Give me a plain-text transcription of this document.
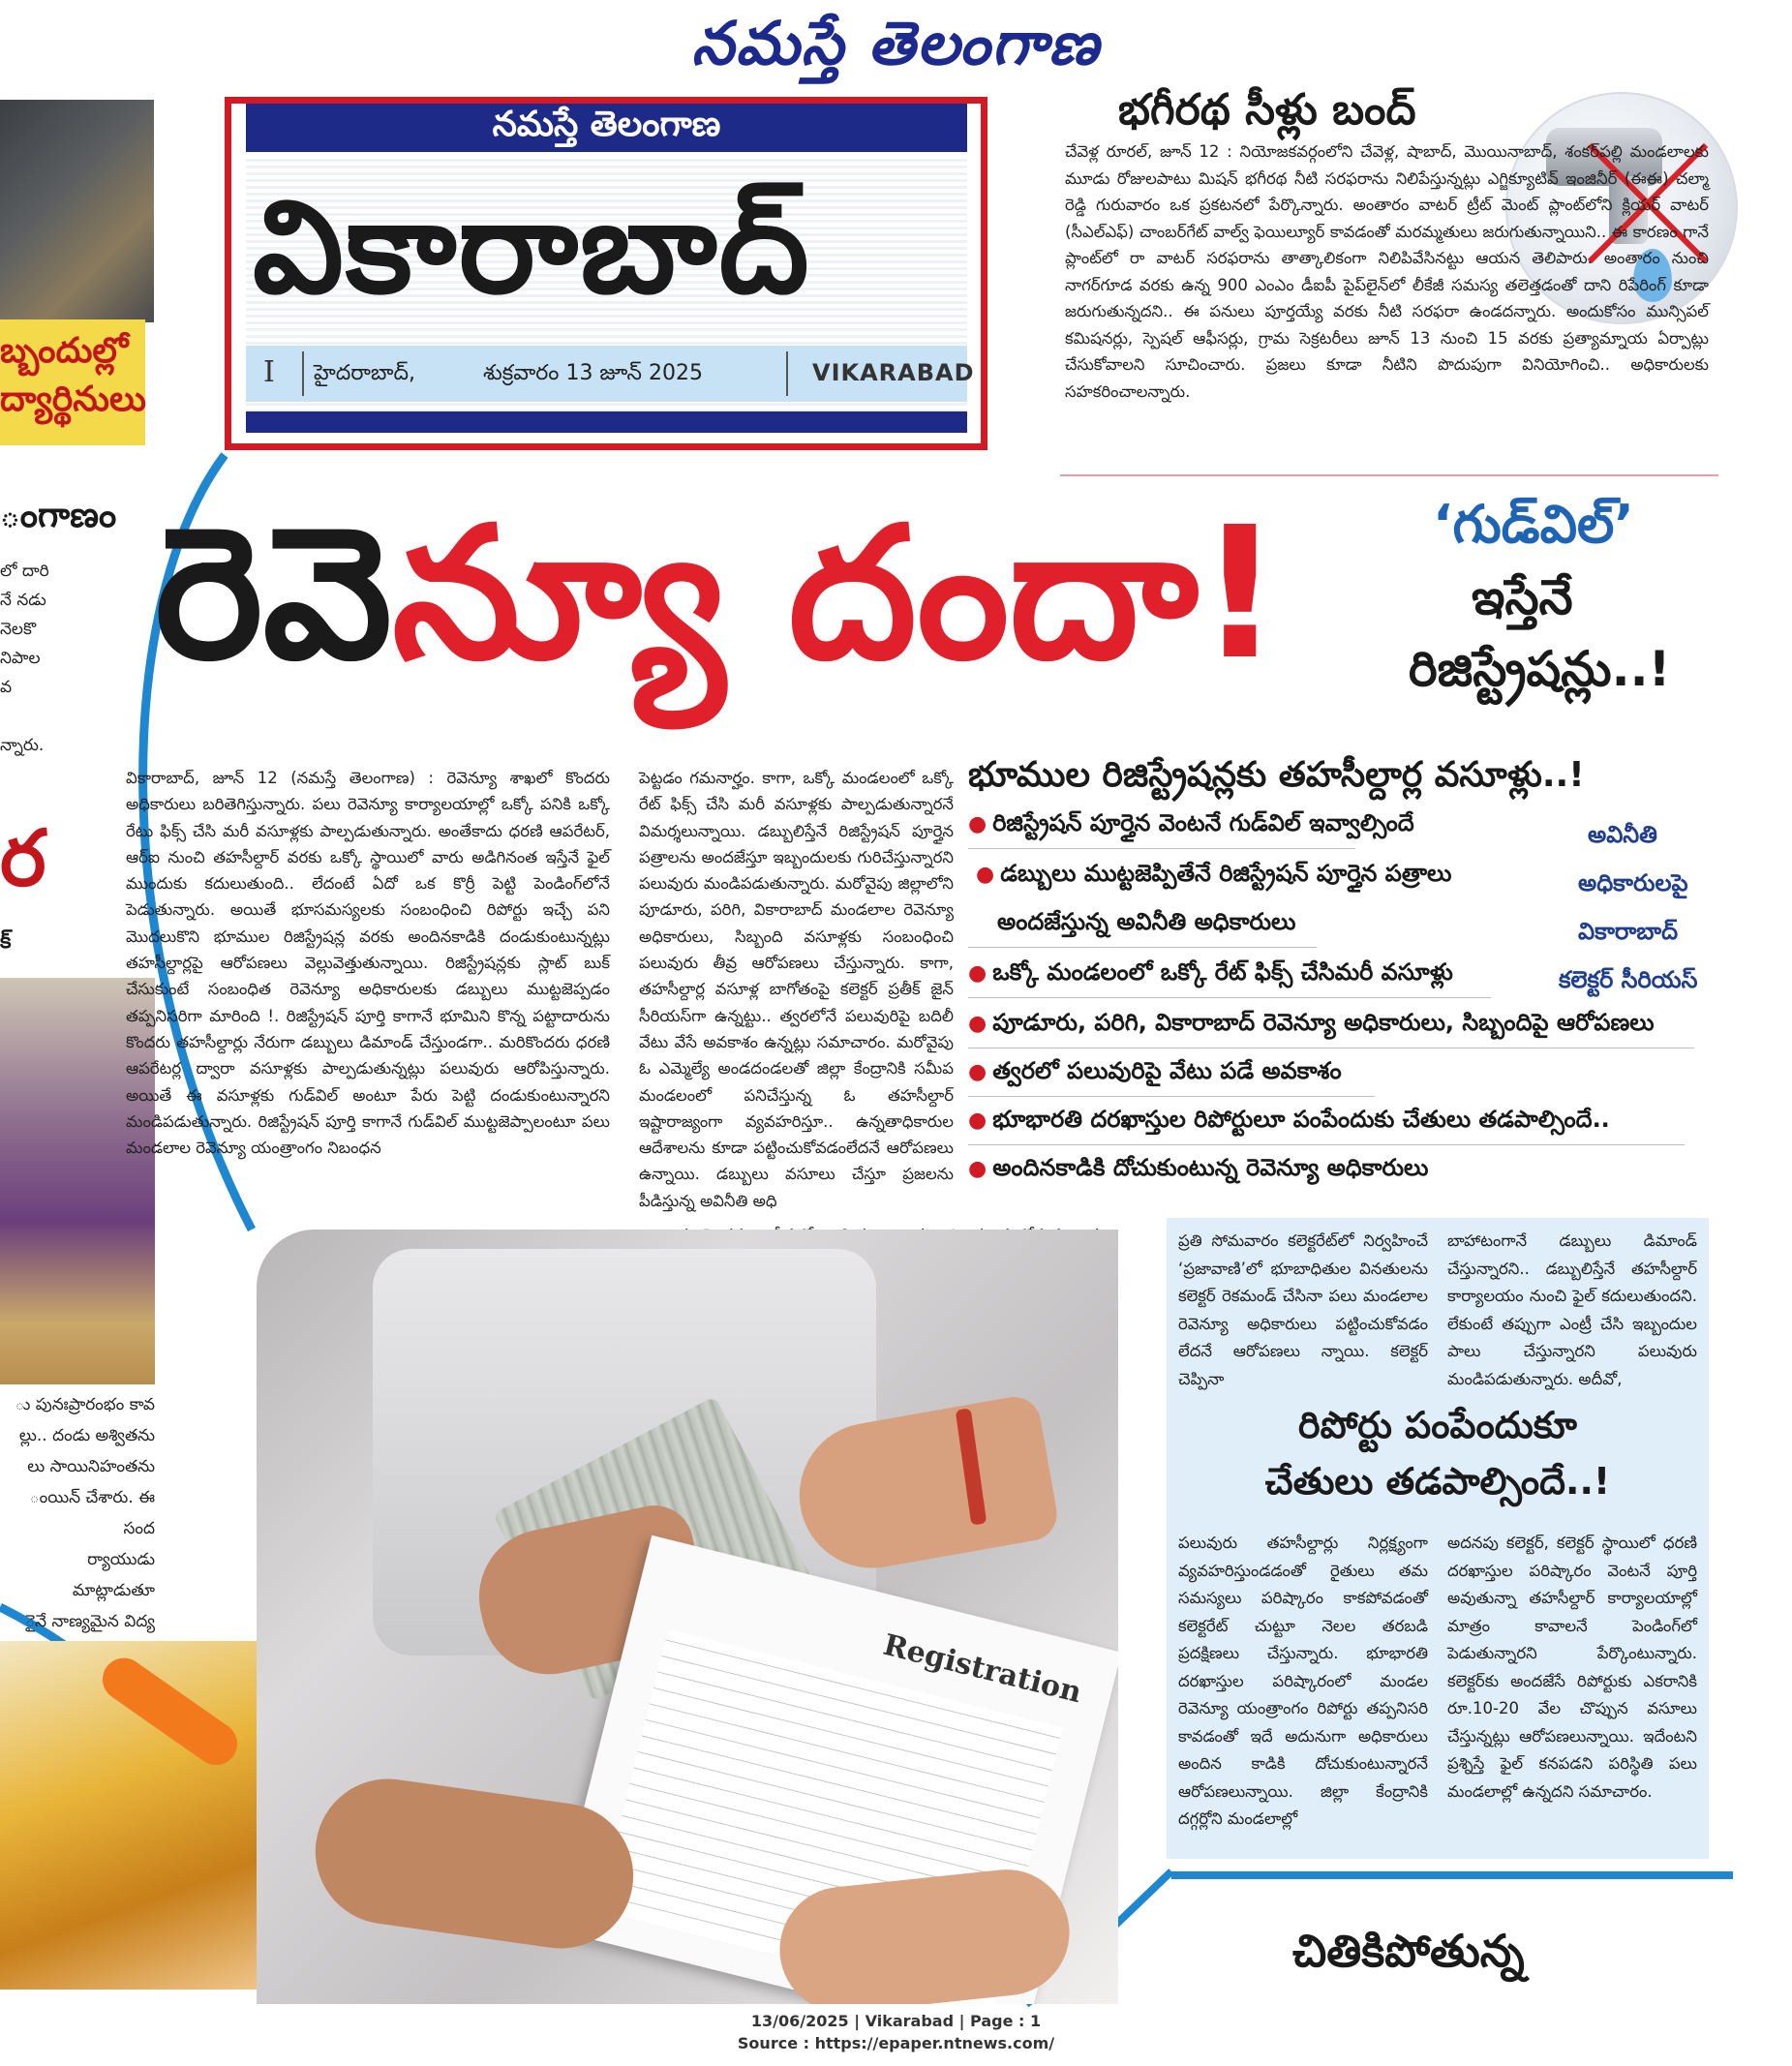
నమస్తే తెలంగాణ
బ్బందుల్లో
ద్యార్థినులు
ంగాణం
లో దారి
నే నడు
నెలకొ
నిపాల
వ

న్నారు.
ర
క్
ు పునఃప్రారంభం కావ
ల్లు.. దండు అశ్వితను
లు సాయినిహంతను
ంయిన్ చేశారు. ఈ సంద
ర్యాయుడు మాట్లాడుతూ
ైనే నాణ్యమైన విద్య
నమస్తే తెలంగాణ
వికారాబాద్
I హైదరాబాద్,	శుక్రవారం 13 జూన్ 2025	VIKARABAD
భగీరథ సీళ్లు బంద్
చేవెళ్ల రూరల్, జూన్ 12 : నియోజకవర్గంలోని చేవెళ్ల, షాబాద్, మొయినాబాద్, శంకర్‌పల్లి మండలాలకు మూడు రోజులపాటు మిషన్ భగీరథ నీటి సరఫరాను నిలిపేస్తున్నట్లు ఎగ్జిక్యూటివ్ ఇంజినీర్ (ఈఈ) చల్మా రెడ్డి గురువారం ఒక ప్రకటనలో పేర్కొన్నారు. అంతారం వాటర్ ట్రీట్ మెంట్ ప్లాంట్‌లోని క్లియర్ వాటర్ (సీఎల్‌ఎఫ్) చాంబర్‌గేట్ వాల్వ్ ఫెయిల్యూర్ కావడంతో మరమ్మతులు జరుగుతున్నాయిని.. ఈ కారణం గానే ప్లాంట్‌లో రా వాటర్ సరఫరాను తాత్కాలికంగా నిలిపివేసినట్టు ఆయన తెలిపారు. అంతారం నుంచి నాగర్‌గూడ వరకు ఉన్న 900 ఎంఎం డీఐపీ పైప్‌లైన్‌లో లీకేజీ సమస్య తలెత్తడంతో దాని రిపేరింగ్ కూడా జరుగుతున్నదని.. ఈ పనులు పూర్తయ్యే వరకు నీటి సరఫరా ఉండదన్నారు. అందుకోసం మున్సిపల్ కమిషనర్లు, స్పెషల్ ఆఫీసర్లు, గ్రామ సెక్రటరీలు జూన్ 13 నుంచి 15 వరకు ప్రత్యామ్నాయ ఏర్పాట్లు చేసుకోవాలని సూచించారు. ప్రజలు కూడా నీటిని పొదుపుగా వినియోగించి.. అధికారులకు సహకరించాలన్నారు.
రెవెన్యూ దందా!	‘గుడ్‌విల్’
ఇస్తేనే
రిజిస్ట్రేషన్లు..!
వికారాబాద్, జూన్ 12 (నమస్తే తెలంగాణ) : రెవెన్యూ శాఖలో కొందరు అధికారులు బరితెగిస్తున్నారు. పలు రెవెన్యూ కార్యాలయాల్లో ఒక్కో పనికి ఒక్కో రేటు ఫిక్స్ చేసి మరీ వసూళ్లకు పాల్పడుతున్నారు. అంతేకాదు ధరణి ఆపరేటర్, ఆర్‌ఐ నుంచి తహసీల్దార్ వరకు ఒక్కో స్థాయిలో వారు అడిగినంత ఇస్తేనే ఫైల్ ముందుకు కదులుతుంది.. లేదంటే ఏదో ఒక కొర్రీ పెట్టి పెండింగ్‌లోనే పెడుతున్నారు. అయితే భూసమస్యలకు సంబంధించి రిపోర్టు ఇచ్చే పని మొదలుకొని భూముల రిజిస్ట్రేషన్ల వరకు అందినకాడికి దండుకుంటున్నట్లు తహసీల్దార్లపై ఆరోపణలు వెల్లువెత్తుతున్నాయి. రిజిస్ట్రేషన్లకు స్లాట్ బుక్ చేసుకుంటే సంబంధిత రెవెన్యూ అధికారులకు డబ్బులు ముట్టజెప్పడం తప్పనిసరిగా మారింది !. రిజిస్ట్రేషన్ పూర్తి కాగానే భూమిని కొన్న పట్టాదారును కొందరు తహసీల్దార్లు నేరుగా డబ్బులు డిమాండ్ చేస్తుండగా.. మరికొందరు ధరణి ఆపరేటర్ల ద్వారా వసూళ్లకు పాల్పడుతున్నట్లు పలువురు ఆరోపిస్తున్నారు. అయితే ఈ వసూళ్లకు గుడ్‌విల్ అంటూ పేరు పెట్టి దండుకుంటున్నారని మండిపడుతున్నారు. రిజిస్ట్రేషన్ పూర్తి కాగానే గుడ్‌విల్ ముట్టజెప్పాలంటూ పలు మండలాల రెవెన్యూ యంత్రాంగం నిబంధన
పెట్టడం గమనార్హం. కాగా, ఒక్కో మండలంలో ఒక్కో రేట్ ఫిక్స్ చేసి మరీ వసూళ్లకు పాల్పడుతున్నారనే విమర్శలున్నాయి. డబ్బులిస్తేనే రిజిస్ట్రేషన్ పూర్తైన పత్రాలను అందజేస్తూ ఇబ్బందులకు గురిచేస్తున్నారని పలువురు మండిపడుతున్నారు. మరోవైపు జిల్లాలోని పూడూరు, పరిగి, వికారాబాద్ మండలాల రెవెన్యూ అధికారులు, సిబ్బంది వసూళ్లకు సంబంధించి పలువురు తీవ్ర ఆరోపణలు చేస్తున్నారు. కాగా, తహసీల్దార్ల వసూళ్ల బాగోతంపై కలెక్టర్ ప్రతీక్ జైన్ సీరియస్‌గా ఉన్నట్టు.. త్వరలోనే పలువురిపై బదిలీ వేటు వేసే అవకాశం ఉన్నట్లు సమాచారం. మరోవైపు ఓ ఎమ్మెల్యే అండదండలతో జిల్లా కేంద్రానికి సమీప మండలంలో పనిచేస్తున్న ఓ తహసీల్దార్ ఇష్టారాజ్యంగా వ్యవహరిస్తూ.. ఉన్నతాధికారుల ఆదేశాలను కూడా పట్టించుకోవడంలేదనే ఆరోపణలు ఉన్నాయి. డబ్బులు వసూలు చేస్తూ ప్రజలను పీడిస్తున్న అవినీతి అధి
భూముల రిజిస్ట్రేషన్లకు తహసీల్దార్ల వసూళ్లు..!
● రిజిస్ట్రేషన్ పూర్తైన వెంటనే గుడ్‌విల్ ఇవ్వాల్సిందే
● డబ్బులు ముట్టజెప్పితేనే రిజిస్ట్రేషన్ పూర్తైన పత్రాలు
అందజేస్తున్న అవినీతి అధికారులు
● ఒక్కో మండలంలో ఒక్కో రేట్ ఫిక్స్ చేసిమరీ వసూళ్లు
● పూడూరు, పరిగి, వికారాబాద్ రెవెన్యూ అధికారులు, సిబ్బందిపై ఆరోపణలు
● త్వరలో పలువురిపై వేటు పడే అవకాశం
● భూభారతి దరఖాస్తుల రిపోర్టులూ పంపేందుకు చేతులు తడపాల్సిందే..
● అందినకాడికి దోచుకుంటున్న రెవెన్యూ అధికారులు
అవినీతి
అధికారులపై
వికారాబాద్
కలెక్టర్ సీరియస్
Registration
ప్రతి సోమవారం కలెక్టరేట్‌లో నిర్వహించే ‘ప్రజావాణి’లో భూబాధితుల వినతులను కలెక్టర్ రెకమండ్ చేసినా పలు మండలాల రెవెన్యూ అధికారులు పట్టించుకోవడం లేదనే ఆరోపణలు న్నాయి. కలెక్టర్ చెప్పినా
బాహాటంగానే డబ్బులు డిమాండ్ చేస్తున్నారని.. డబ్బులిస్తేనే తహసీల్దార్ కార్యాలయం నుంచి ఫైల్ కదులుతుందని. లేకుంటే తప్పుగా ఎంట్రీ చేసి ఇబ్బందుల పాలు చేస్తున్నారని పలువురు మండిపడుతున్నారు. అదీవో,
రిపోర్టు పంపేందుకూ
చేతులు తడపాల్సిందే..!
పలువురు తహసీల్దార్లు నిర్లక్ష్యంగా వ్యవహరిస్తుండడంతో రైతులు తమ సమస్యలు పరిష్కారం కాకపోవడంతో కలెక్టరేట్ చుట్టూ నెలల తరబడి ప్రదక్షిణలు చేస్తున్నారు. భూభారతి దరఖాస్తుల పరిష్కారంలో మండల రెవెన్యూ యంత్రాంగం రిపోర్టు తప్పనిసరి కావడంతో ఇదే అదునుగా అధికారులు అందిన కాడికి దోచుకుంటున్నారనే ఆరోపణలున్నాయి. జిల్లా కేంద్రానికి దగ్గర్లోని మండలాల్లో
అదనపు కలెక్టర్, కలెక్టర్ స్థాయిలో ధరణి దరఖాస్తుల పరిష్కారం వెంటనే పూర్తి అవుతున్నా తహసీల్దార్ కార్యాలయాల్లో మాత్రం కావాలనే పెండింగ్‌లో పెడుతున్నారని పేర్కొంటున్నారు. కలెక్టర్‌కు అందజేసే రిపోర్టుకు ఎకరానికి రూ.10-20 వేల చొప్పున వసూలు చేస్తున్నట్లు ఆరోపణలున్నాయి. ఇదేంటని ప్రశ్నిస్తే ఫైల్ కనపడని పరిస్థితి పలు మండలాల్లో ఉన్నదని సమాచారం.
చితికిపోతున్న
13/06/2025 | Vikarabad | Page : 1
Source : https://epaper.ntnews.com/
